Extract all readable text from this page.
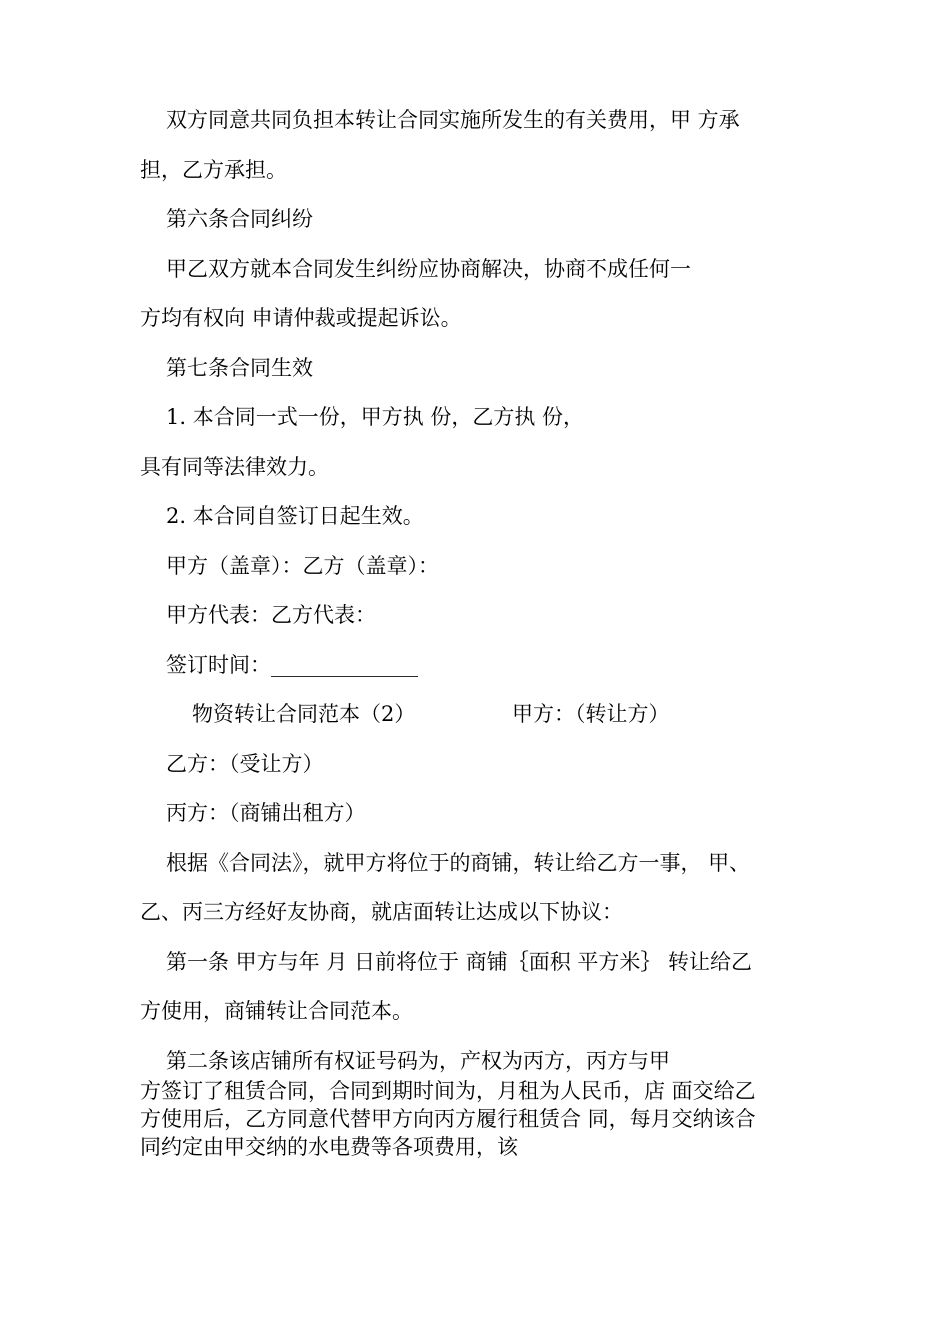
双方同意共同负担本转让合同实施所发生的有关费用，甲 方承

担，乙方承担。

第六条合同纠纷

甲乙双方就本合同发生纠纷应协商解决，协商不成任何一

方均有权向 申请仲裁或提起诉讼。

第七条合同生效

1. 本合同一式一份，甲方执 份，乙方执 份，

具有同等法律效力。

2. 本合同自签订日起生效。

甲方（盖章）：乙方（盖章）：

甲方代表：乙方代表：

签订时间：______________

物资转让合同范本（2）	甲方：（转让方）

乙方：（受让方）

丙方：（商铺出租方）

根据《合同法》，就甲方将位于的商铺，转让给乙方一事， 甲、

乙、丙三方经好友协商，就店面转让达成以下协议：

第一条 甲方与年 月 日前将位于 商铺｛面积 平方米｝ 转让给乙

方使用，商铺转让合同范本。

第二条该店铺所有权证号码为，产权为丙方，丙方与甲

方签订了租赁合同，合同到期时间为，月租为人民币，店 面交给乙

方使用后，乙方同意代替甲方向丙方履行租赁合 同，每月交纳该合

同约定由甲交纳的水电费等各项费用，该
